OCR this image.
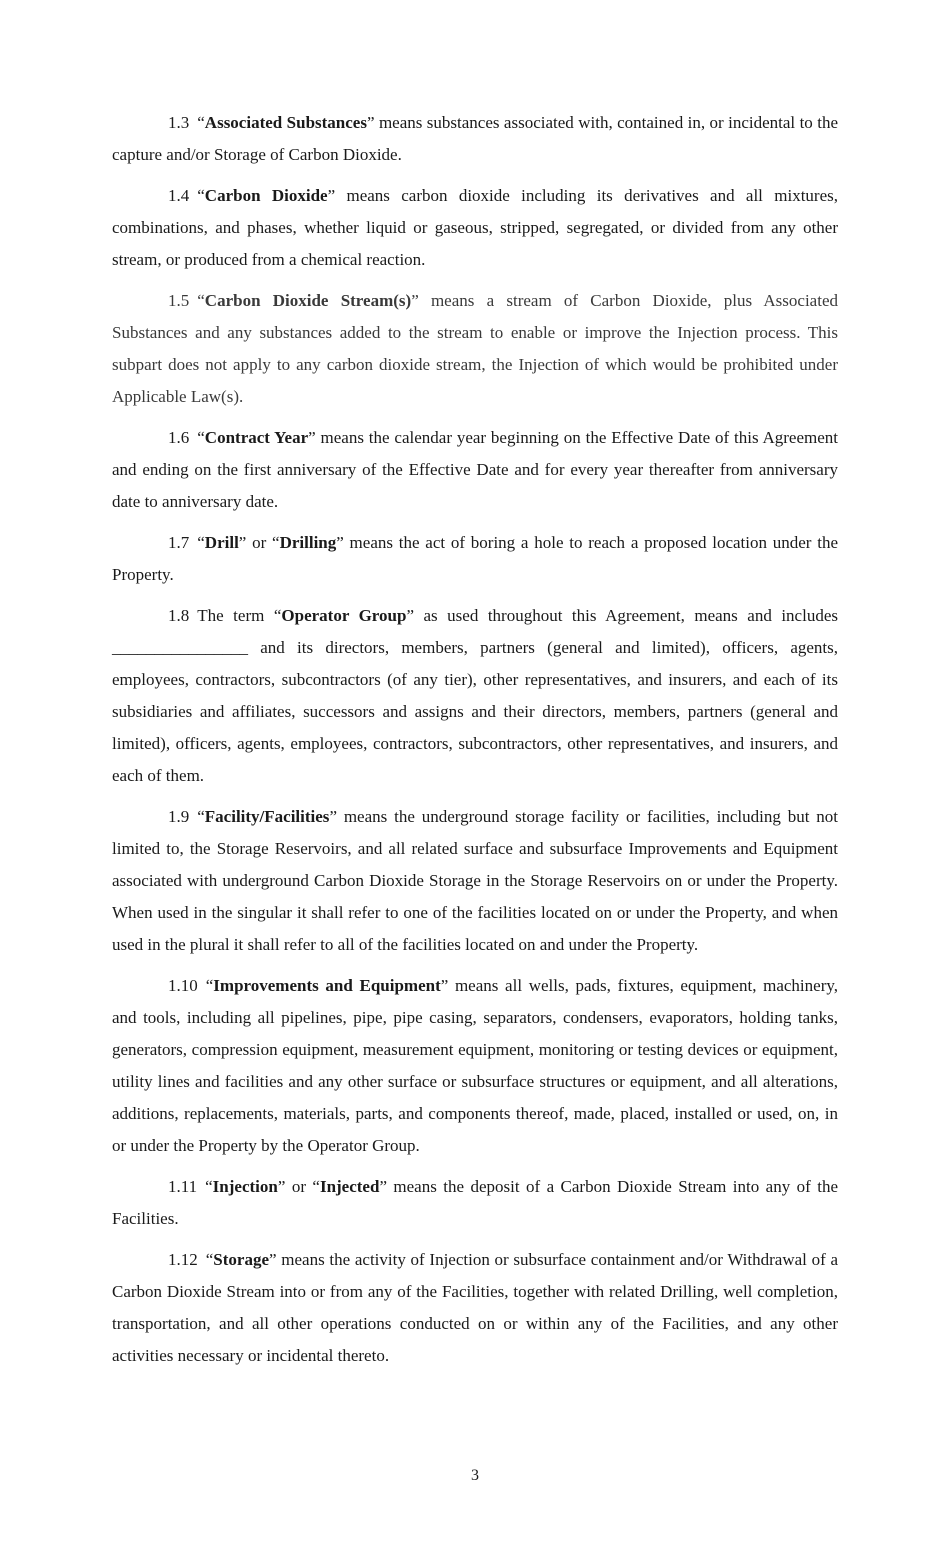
1.3 “Associated Substances” means substances associated with, contained in, or incidental to the capture and/or Storage of Carbon Dioxide.

1.4 “Carbon Dioxide” means carbon dioxide including its derivatives and all mixtures, combinations, and phases, whether liquid or gaseous, stripped, segregated, or divided from any other stream, or produced from a chemical reaction.

1.5 “Carbon Dioxide Stream(s)” means a stream of Carbon Dioxide, plus Associated Substances and any substances added to the stream to enable or improve the Injection process. This subpart does not apply to any carbon dioxide stream, the Injection of which would be prohibited under Applicable Law(s).

1.6 “Contract Year” means the calendar year beginning on the Effective Date of this Agreement and ending on the first anniversary of the Effective Date and for every year thereafter from anniversary date to anniversary date.

1.7 “Drill” or “Drilling” means the act of boring a hole to reach a proposed location under the Property.

1.8 The term “Operator Group” as used throughout this Agreement, means and includes ________________ and its directors, members, partners (general and limited), officers, agents, employees, contractors, subcontractors (of any tier), other representatives, and insurers, and each of its subsidiaries and affiliates, successors and assigns and their directors, members, partners (general and limited), officers, agents, employees, contractors, subcontractors, other representatives, and insurers, and each of them.

1.9 “Facility/Facilities” means the underground storage facility or facilities, including but not limited to, the Storage Reservoirs, and all related surface and subsurface Improvements and Equipment associated with underground Carbon Dioxide Storage in the Storage Reservoirs on or under the Property. When used in the singular it shall refer to one of the facilities located on or under the Property, and when used in the plural it shall refer to all of the facilities located on and under the Property.

1.10 “Improvements and Equipment” means all wells, pads, fixtures, equipment, machinery, and tools, including all pipelines, pipe, pipe casing, separators, condensers, evaporators, holding tanks, generators, compression equipment, measurement equipment, monitoring or testing devices or equipment, utility lines and facilities and any other surface or subsurface structures or equipment, and all alterations, additions, replacements, materials, parts, and components thereof, made, placed, installed or used, on, in or under the Property by the Operator Group.

1.11 “Injection” or “Injected” means the deposit of a Carbon Dioxide Stream into any of the Facilities.

1.12 “Storage” means the activity of Injection or subsurface containment and/or Withdrawal of a Carbon Dioxide Stream into or from any of the Facilities, together with related Drilling, well completion, transportation, and all other operations conducted on or within any of the Facilities, and any other activities necessary or incidental thereto.

3
